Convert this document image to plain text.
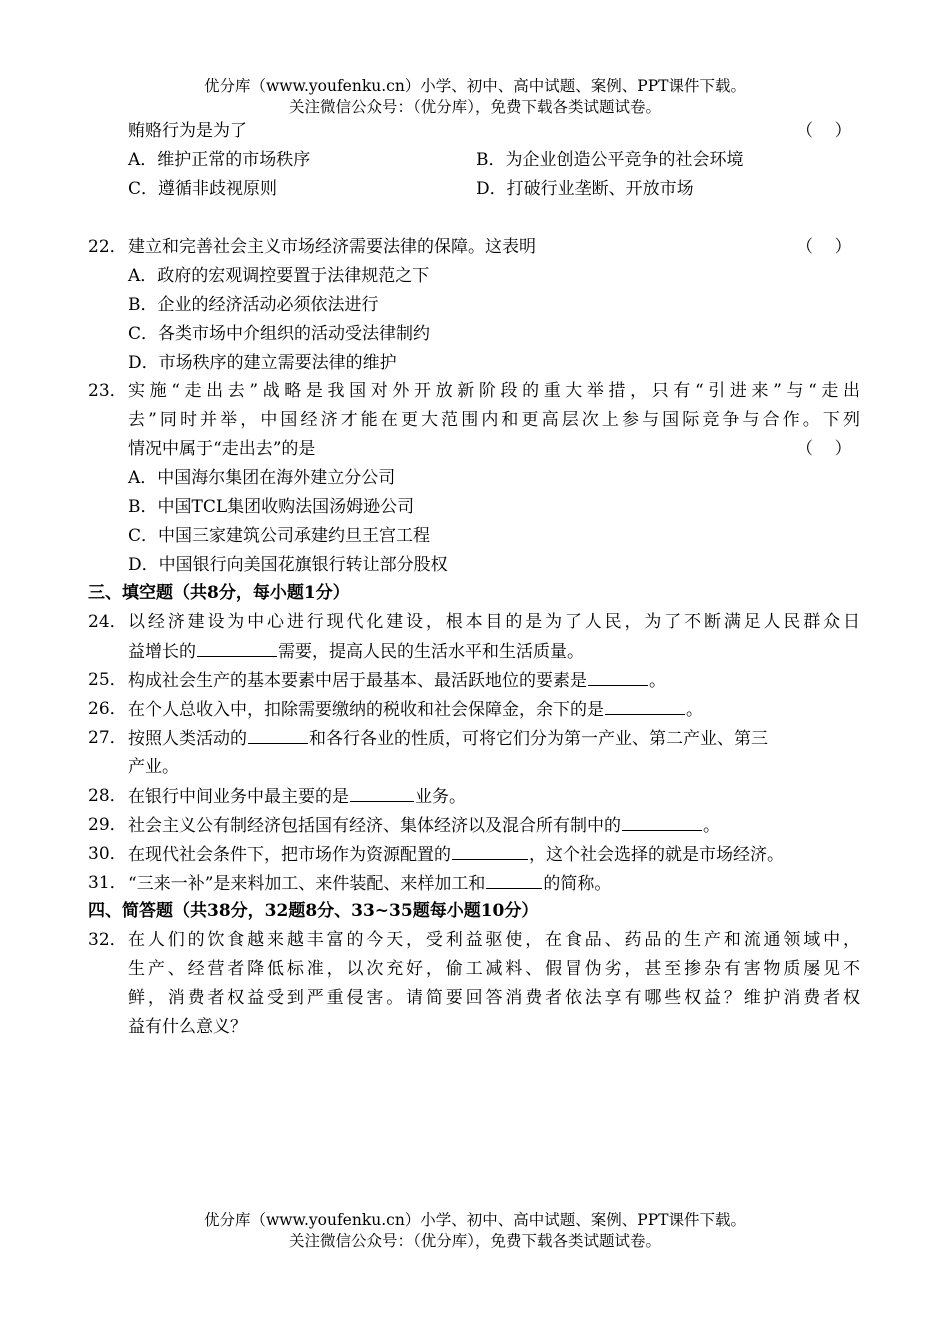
优分库（www.youfenku.cn）小学、初中、高中试题、案例、PPT课件下载。
关注微信公众号：（优分库），免费下载各类试题试卷。
贿赂行为是为了	（    ）
A．维护正常的市场秩序	B．为企业创造公平竞争的社会环境
C．遵循非歧视原则	D．打破行业垄断、开放市场
22． 建立和完善社会主义市场经济需要法律的保障。这表明	（    ）
A．政府的宏观调控要置于法律规范之下
B．企业的经济活动必须依法进行
C．各类市场中介组织的活动受法律制约
D．市场秩序的建立需要法律的维护
23． 实施“走出去”战略是我国对外开放新阶段的重大举措，只有“引进来”与“走出
去”同时并举，中国经济才能在更大范围内和更高层次上参与国际竞争与合作。下列
情况中属于“走出去”的是	（    ）
A．中国海尔集团在海外建立分公司
B．中国TCL集团收购法国汤姆逊公司
C．中国三家建筑公司承建约旦王宫工程
D．中国银行向美国花旗银行转让部分股权
三、填空题（共8分，每小题1分）
24． 以经济建设为中心进行现代化建设，根本目的是为了人民，为了不断满足人民群众日
益增长的	需要，提高人民的生活水平和生活质量。
25． 构成社会生产的基本要素中居于最基本、最活跃地位的要素是	。
26． 在个人总收入中，扣除需要缴纳的税收和社会保障金，余下的是	。
27． 按照人类活动的	和各行各业的性质，可将它们分为第一产业、第二产业、第三
产业。
28． 在银行中间业务中最主要的是	业务。
29． 社会主义公有制经济包括国有经济、集体经济以及混合所有制中的	。
30． 在现代社会条件下，把市场作为资源配置的	，这个社会选择的就是市场经济。
31． “三来一补”是来料加工、来件装配、来样加工和	的简称。
四、简答题（共38分，32题8分、33~35题每小题10分）
32． 在人们的饮食越来越丰富的今天，受利益驱使，在食品、药品的生产和流通领域中，
生产、经营者降低标准，以次充好，偷工减料、假冒伪劣，甚至掺杂有害物质屡见不
鲜，消费者权益受到严重侵害。请简要回答消费者依法享有哪些权益？维护消费者权
益有什么意义？
优分库（www.youfenku.cn）小学、初中、高中试题、案例、PPT课件下载。
关注微信公众号：（优分库），免费下载各类试题试卷。
